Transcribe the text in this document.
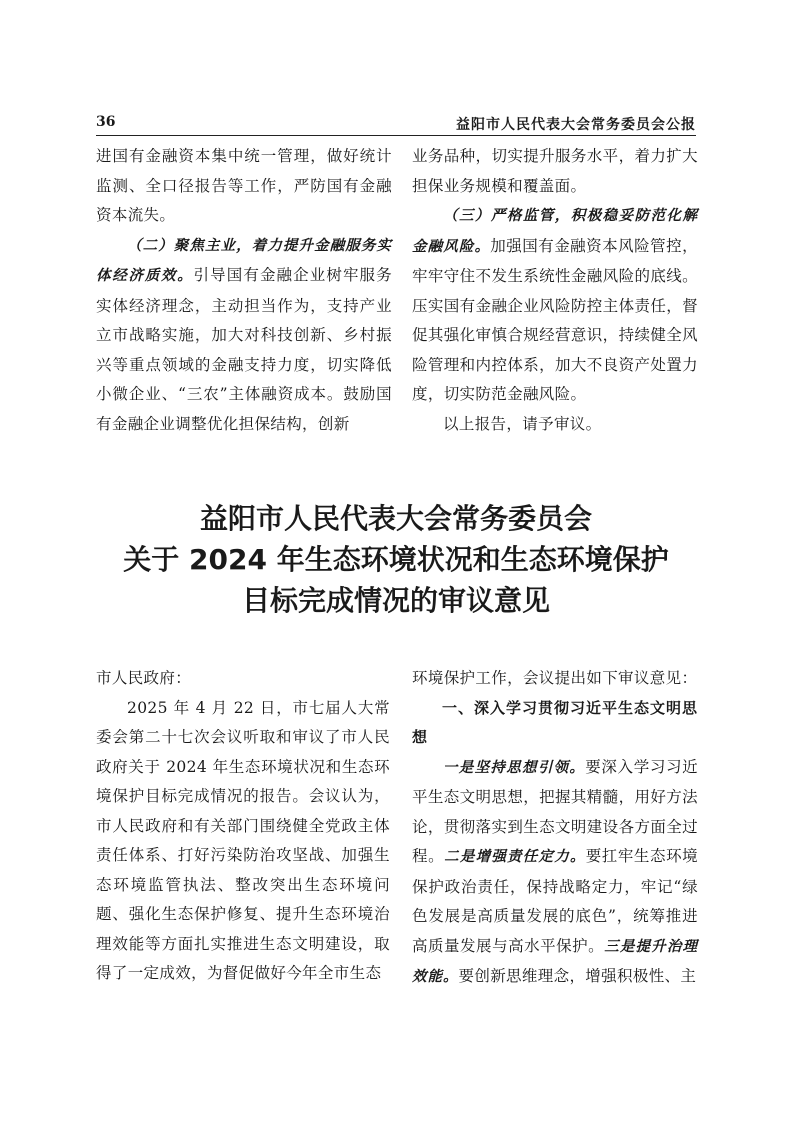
36	益阳市人民代表大会常务委员会公报

进国有金融资本集中统一管理，做好统计监测、全口径报告等工作，严防国有金融资本流失。

（二）聚焦主业，着力提升金融服务实体经济质效。引导国有金融企业树牢服务实体经济理念，主动担当作为，支持产业立市战略实施，加大对科技创新、乡村振兴等重点领域的金融支持力度，切实降低小微企业、“三农”主体融资成本。鼓励国有金融企业调整优化担保结构，创新

业务品种，切实提升服务水平，着力扩大担保业务规模和覆盖面。

（三）严格监管，积极稳妥防范化解金融风险。加强国有金融资本风险管控，牢牢守住不发生系统性金融风险的底线。压实国有金融企业风险防控主体责任，督促其强化审慎合规经营意识，持续健全风险管理和内控体系，加大不良资产处置力度，切实防范金融风险。

以上报告，请予审议。

益阳市人民代表大会常务委员会
关于 2024 年生态环境状况和生态环境保护
目标完成情况的审议意见

市人民政府：

2025 年 4 月 22 日，市七届人大常委会第二十七次会议听取和审议了市人民政府关于 2024 年生态环境状况和生态环境保护目标完成情况的报告。会议认为，市人民政府和有关部门围绕健全党政主体责任体系、打好污染防治攻坚战、加强生态环境监管执法、整改突出生态环境问题、强化生态保护修复、提升生态环境治理效能等方面扎实推进生态文明建设，取得了一定成效，为督促做好今年全市生态

环境保护工作，会议提出如下审议意见：

一、深入学习贯彻习近平生态文明思想

一是坚持思想引领。要深入学习习近平生态文明思想，把握其精髓，用好方法论，贯彻落实到生态文明建设各方面全过程。二是增强责任定力。要扛牢生态环境保护政治责任，保持战略定力，牢记“绿色发展是高质量发展的底色”，统筹推进高质量发展与高水平保护。三是提升治理效能。要创新思维理念，增强积极性、主
